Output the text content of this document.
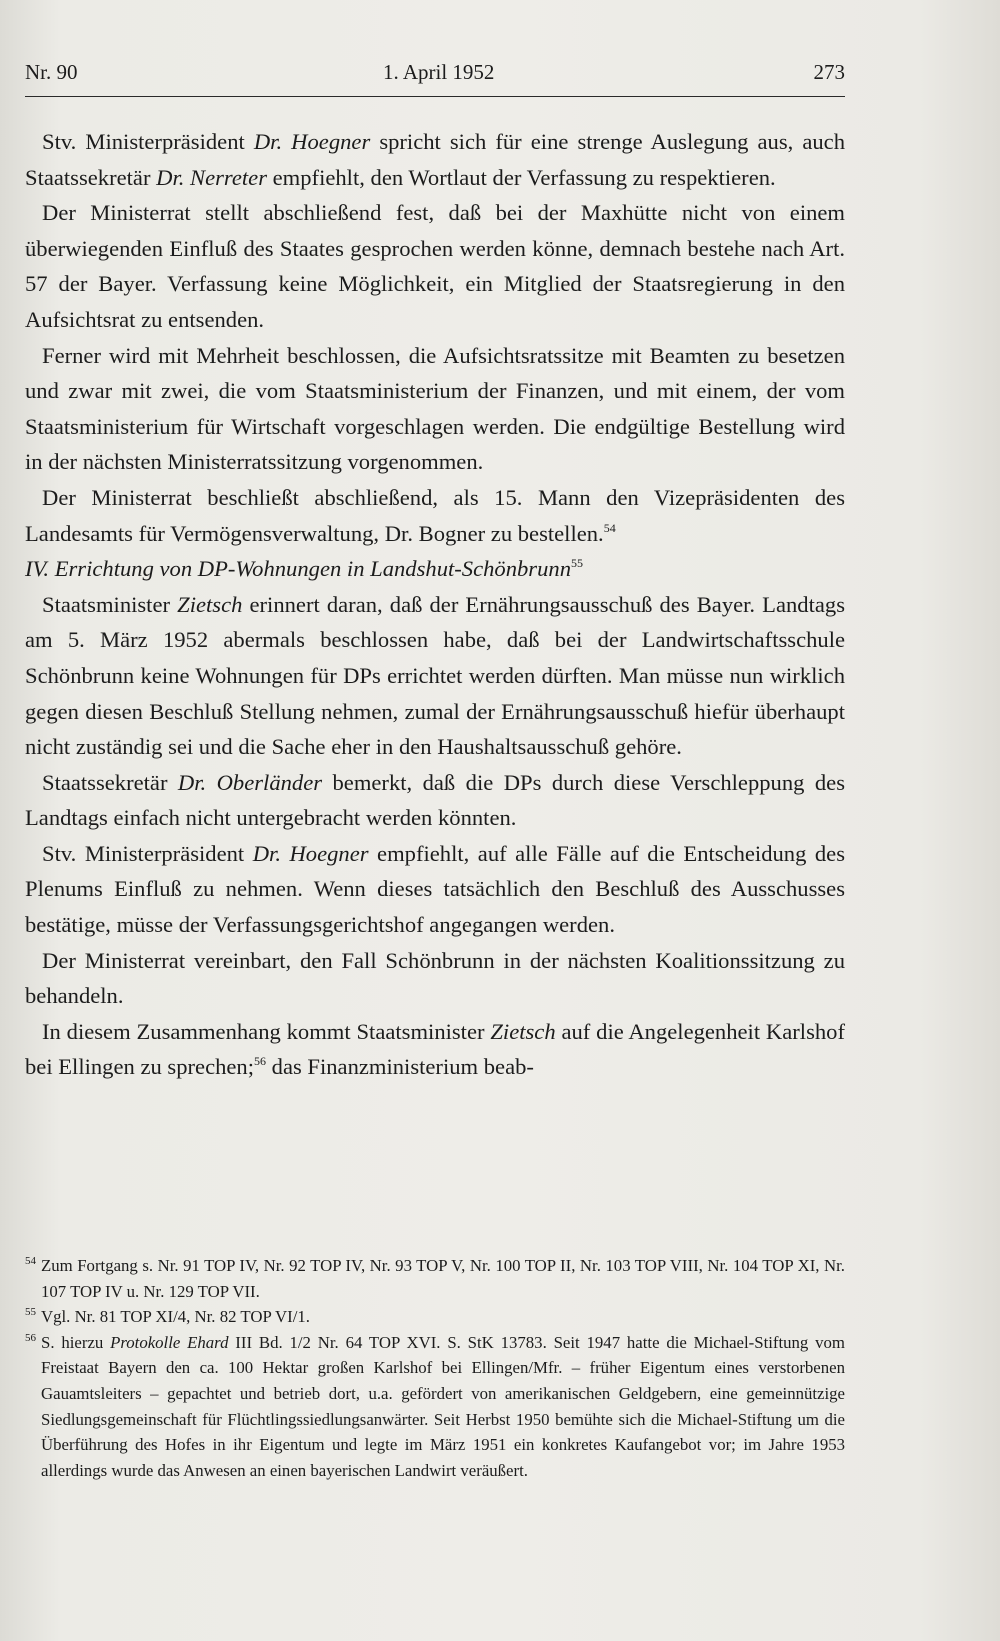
Nr. 90	1. April 1952	273

Stv. Ministerpräsident Dr. Hoegner spricht sich für eine strenge Auslegung aus, auch Staatssekretär Dr. Nerreter empfiehlt, den Wortlaut der Verfassung zu respektieren.

Der Ministerrat stellt abschließend fest, daß bei der Maxhütte nicht von einem überwiegenden Einfluß des Staates gesprochen werden könne, demnach bestehe nach Art. 57 der Bayer. Verfassung keine Möglichkeit, ein Mitglied der Staatsregierung in den Aufsichtsrat zu entsenden.

Ferner wird mit Mehrheit beschlossen, die Aufsichtsratssitze mit Beamten zu besetzen und zwar mit zwei, die vom Staatsministerium der Finanzen, und mit einem, der vom Staatsministerium für Wirtschaft vorgeschlagen werden. Die endgültige Bestellung wird in der nächsten Ministerratssitzung vorgenommen.

Der Ministerrat beschließt abschließend, als 15. Mann den Vizepräsidenten des Landesamts für Vermögensverwaltung, Dr. Bogner zu bestellen.$^{54}$

IV. Errichtung von DP-Wohnungen in Landshut-Schönbrunn$^{55}$

Staatsminister Zietsch erinnert daran, daß der Ernährungsausschuß des Bayer. Landtags am 5. März 1952 abermals beschlossen habe, daß bei der Landwirtschaftsschule Schönbrunn keine Wohnungen für DPs errichtet werden dürften. Man müsse nun wirklich gegen diesen Beschluß Stellung nehmen, zumal der Ernährungsausschuß hiefür überhaupt nicht zuständig sei und die Sache eher in den Haushaltsausschuß gehöre.

Staatssekretär Dr. Oberländer bemerkt, daß die DPs durch diese Verschleppung des Landtags einfach nicht untergebracht werden könnten.

Stv. Ministerpräsident Dr. Hoegner empfiehlt, auf alle Fälle auf die Entscheidung des Plenums Einfluß zu nehmen. Wenn dieses tatsächlich den Beschluß des Ausschusses bestätige, müsse der Verfassungsgerichtshof angegangen werden.

Der Ministerrat vereinbart, den Fall Schönbrunn in der nächsten Koalitionssitzung zu behandeln.

In diesem Zusammenhang kommt Staatsminister Zietsch auf die Angelegenheit Karlshof bei Ellingen zu sprechen;$^{56}$ das Finanzministerium beab-

54 Zum Fortgang s. Nr. 91 TOP IV, Nr. 92 TOP IV, Nr. 93 TOP V, Nr. 100 TOP II, Nr. 103 TOP VIII, Nr. 104 TOP XI, Nr. 107 TOP IV u. Nr. 129 TOP VII.
55 Vgl. Nr. 81 TOP XI/4, Nr. 82 TOP VI/1.
56 S. hierzu Protokolle Ehard III Bd. 1/2 Nr. 64 TOP XVI. S. StK 13783. Seit 1947 hatte die Michael-Stiftung vom Freistaat Bayern den ca. 100 Hektar großen Karlshof bei Ellingen/Mfr. – früher Eigentum eines verstorbenen Gauamtsleiters – gepachtet und betrieb dort, u.a. gefördert von amerikanischen Geldgebern, eine gemeinnützige Siedlungsgemeinschaft für Flüchtlingssiedlungsanwärter. Seit Herbst 1950 bemühte sich die Michael-Stiftung um die Überführung des Hofes in ihr Eigentum und legte im März 1951 ein konkretes Kaufangebot vor; im Jahre 1953 allerdings wurde das Anwesen an einen bayerischen Landwirt veräußert.
